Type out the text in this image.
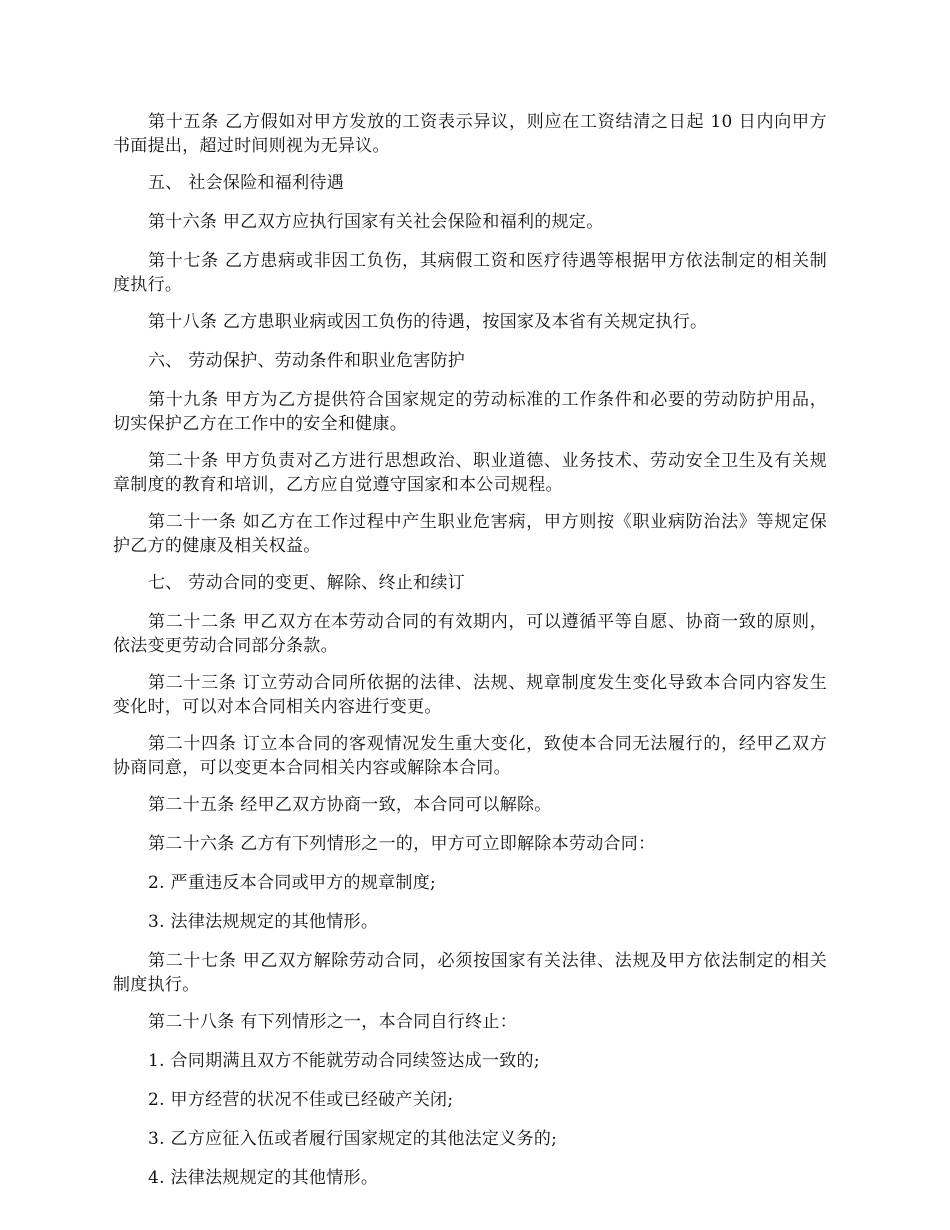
第十五条 乙方假如对甲方发放的工资表示异议，则应在工资结清之日起 10 日内向甲方书面提出，超过时间则视为无异议。

五、 社会保险和福利待遇

第十六条 甲乙双方应执行国家有关社会保险和福利的规定。

第十七条 乙方患病或非因工负伤，其病假工资和医疗待遇等根据甲方依法制定的相关制度执行。

第十八条 乙方患职业病或因工负伤的待遇，按国家及本省有关规定执行。

六、 劳动保护、劳动条件和职业危害防护

第十九条 甲方为乙方提供符合国家规定的劳动标准的工作条件和必要的劳动防护用品，切实保护乙方在工作中的安全和健康。

第二十条 甲方负责对乙方进行思想政治、职业道德、业务技术、劳动安全卫生及有关规章制度的教育和培训，乙方应自觉遵守国家和本公司规程。

第二十一条 如乙方在工作过程中产生职业危害病，甲方则按《职业病防治法》等规定保护乙方的健康及相关权益。

七、 劳动合同的变更、解除、终止和续订

第二十二条 甲乙双方在本劳动合同的有效期内，可以遵循平等自愿、协商一致的原则，依法变更劳动合同部分条款。

第二十三条 订立劳动合同所依据的法律、法规、规章制度发生变化导致本合同内容发生变化时，可以对本合同相关内容进行变更。

第二十四条 订立本合同的客观情况发生重大变化，致使本合同无法履行的，经甲乙双方协商同意，可以变更本合同相关内容或解除本合同。

第二十五条 经甲乙双方协商一致，本合同可以解除。

第二十六条 乙方有下列情形之一的，甲方可立即解除本劳动合同：

2. 严重违反本合同或甲方的规章制度;

3. 法律法规规定的其他情形。

第二十七条 甲乙双方解除劳动合同，必须按国家有关法律、法规及甲方依法制定的相关制度执行。

第二十八条 有下列情形之一，本合同自行终止：

1. 合同期满且双方不能就劳动合同续签达成一致的;

2. 甲方经营的状况不佳或已经破产关闭;

3. 乙方应征入伍或者履行国家规定的其他法定义务的;

4. 法律法规规定的其他情形。
